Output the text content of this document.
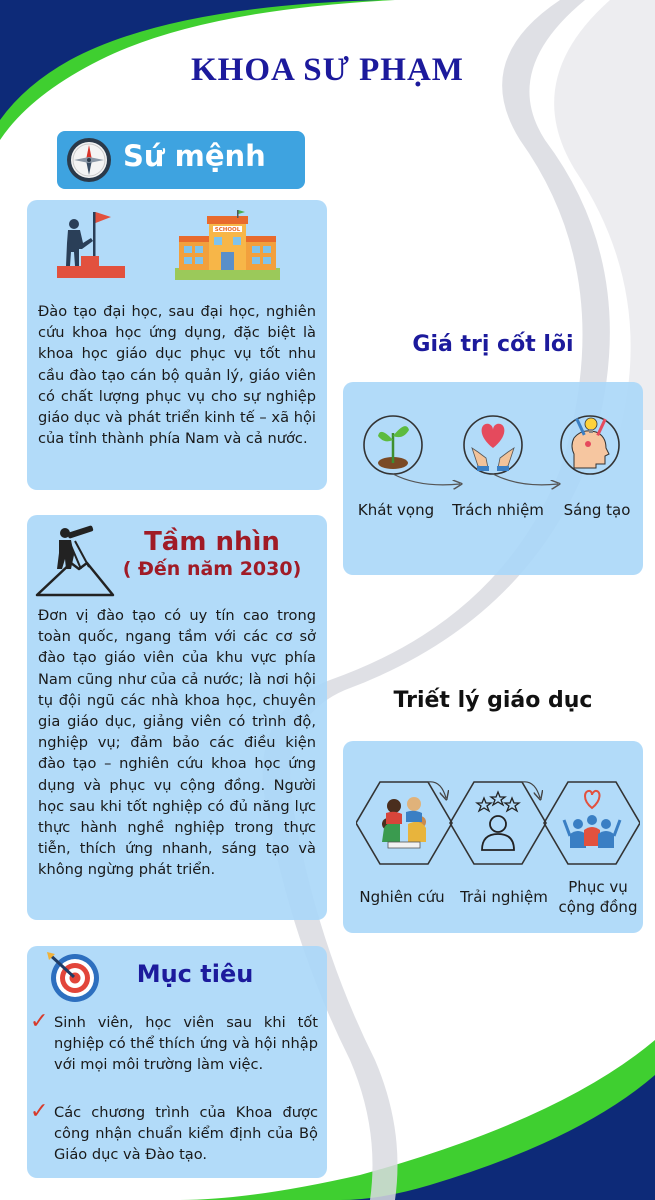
KHOA SƯ PHẠM
Sứ mệnh
SCHOOL
Đào tạo đại học, sau đại học, nghiên cứu khoa học ứng dụng, đặc biệt là khoa học giáo dục phục vụ tốt nhu cầu đào tạo cán bộ quản lý, giáo viên có chất lượng phục vụ cho sự nghiệp giáo dục và phát triển kinh tế – xã hội của tỉnh thành phía Nam và cả nước.
Tầm nhìn
( Đến năm 2030)
Đơn vị đào tạo có uy tín cao trong toàn quốc, ngang tầm với các cơ sở đào tạo giáo viên của khu vực phía Nam cũng như của cả nước; là nơi hội tụ đội ngũ các nhà khoa học, chuyên gia giáo dục, giảng viên có trình độ, nghiệp vụ; đảm bảo các điều kiện đào tạo – nghiên cứu khoa học ứng dụng và phục vụ cộng đồng. Người học sau khi tốt nghiệp có đủ năng lực thực hành nghề nghiệp trong thực tiễn, thích ứng nhanh, sáng tạo và không ngừng phát triển.
Mục tiêu
✓ Sinh viên, học viên sau khi tốt nghiệp có thể thích ứng và hội nhập với mọi môi trường làm việc.
✓ Các chương trình của Khoa được công nhận chuẩn kiểm định của Bộ Giáo dục và Đào tạo.
Giá trị cốt lõi
Khát vọng	Trách nhiệm	Sáng tạo
Triết lý giáo dục
Nghiên cứu	Trải nghiệm
Phục vụ cộng đồng
